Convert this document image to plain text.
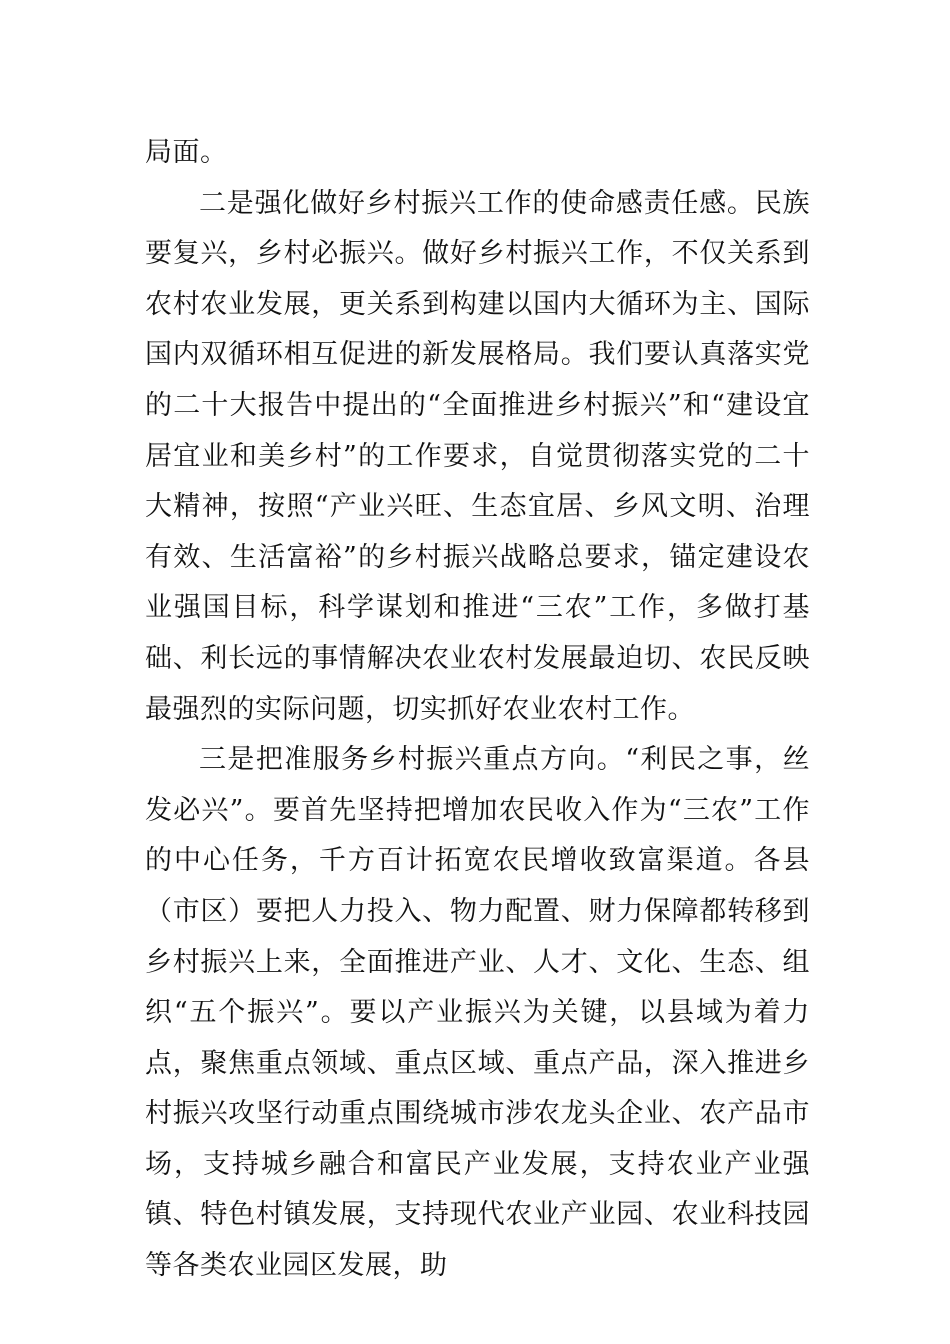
局面。

二是强化做好乡村振兴工作的使命感责任感。民族要复兴，乡村必振兴。做好乡村振兴工作，不仅关系到农村农业发展，更关系到构建以国内大循环为主、国际国内双循环相互促进的新发展格局。我们要认真落实党的二十大报告中提出的“全面推进乡村振兴”和“建设宜居宜业和美乡村”的工作要求，自觉贯彻落实党的二十大精神，按照“产业兴旺、生态宜居、乡风文明、治理有效、生活富裕”的乡村振兴战略总要求，锚定建设农业强国目标，科学谋划和推进“三农”工作，多做打基础、利长远的事情解决农业农村发展最迫切、农民反映最强烈的实际问题，切实抓好农业农村工作。

三是把准服务乡村振兴重点方向。“利民之事，丝发必兴”。要首先坚持把增加农民收入作为“三农”工作的中心任务，千方百计拓宽农民增收致富渠道。各县（市区）要把人力投入、物力配置、财力保障都转移到乡村振兴上来，全面推进产业、人才、文化、生态、组织“五个振兴”。要以产业振兴为关键，以县域为着力点，聚焦重点领域、重点区域、重点产品，深入推进乡村振兴攻坚行动重点围绕城市涉农龙头企业、农产品市场，支持城乡融合和富民产业发展，支持农业产业强镇、特色村镇发展，支持现代农业产业园、农业科技园等各类农业园区发展，助
